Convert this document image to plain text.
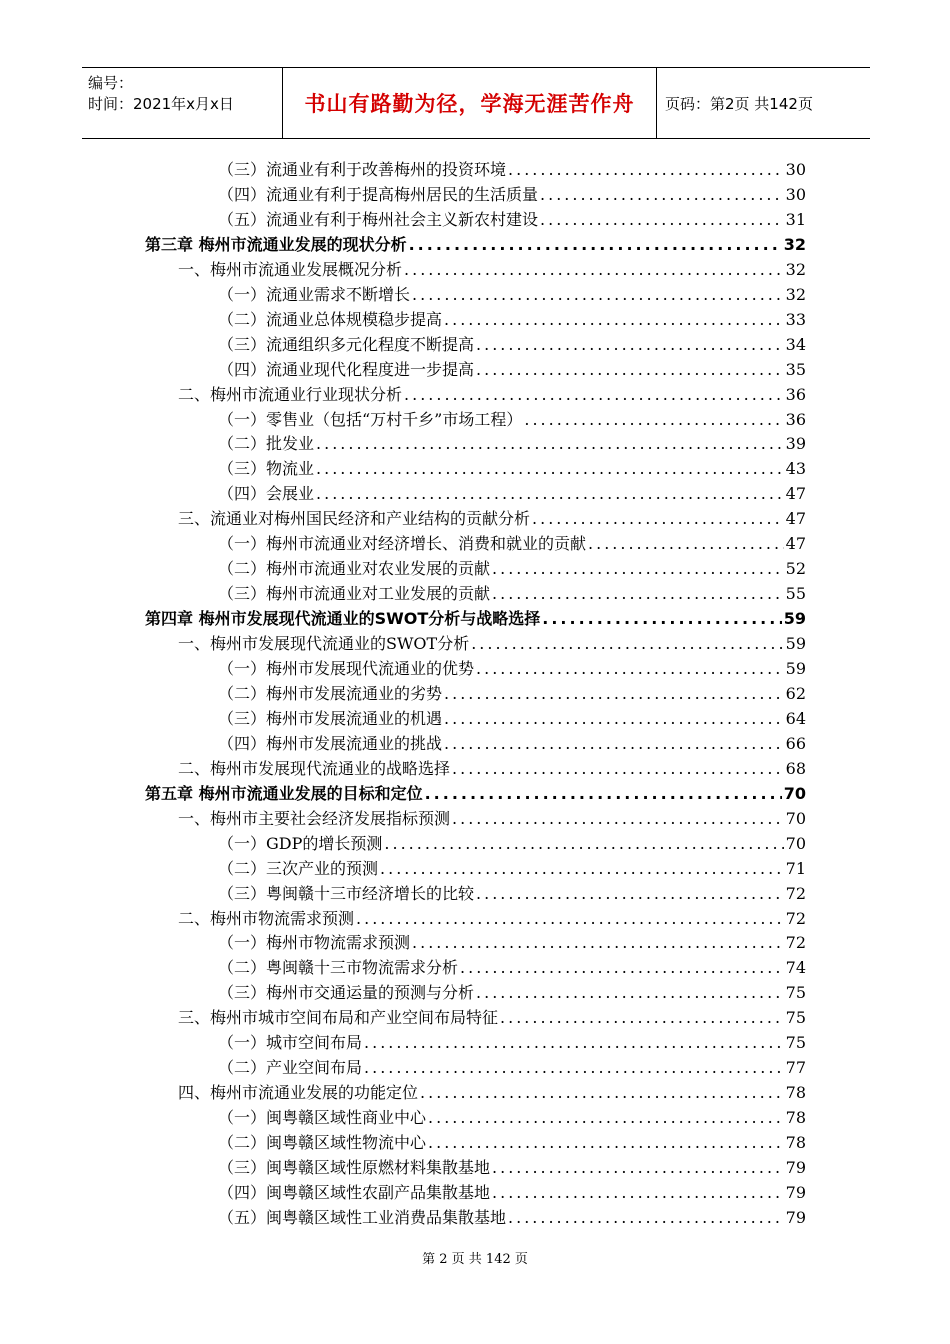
编号：
时间：2021年x月x日	书山有路勤为径，学海无涯苦作舟	页码：第2页 共142页
（三）流通业有利于改善梅州的投资环境 .....	30
（四）流通业有利于提高梅州居民的生活质量 .....	30
（五）流通业有利于梅州社会主义新农村建设 .....	31
第三章 梅州市流通业发展的现状分析 .....	32
一、梅州市流通业发展概况分析 .....	32
（一）流通业需求不断增长 .....	32
（二）流通业总体规模稳步提高 .....	33
（三）流通组织多元化程度不断提高 .....	34
（四）流通业现代化程度进一步提高 .....	35
二、梅州市流通业行业现状分析 .....	36
（一）零售业（包括“万村千乡”市场工程） .....	36
（二）批发业 .....	39
（三）物流业 .....	43
（四）会展业 .....	47
三、流通业对梅州国民经济和产业结构的贡献分析 .....	47
（一）梅州市流通业对经济增长、消费和就业的贡献 .....	47
（二）梅州市流通业对农业发展的贡献 .....	52
（三）梅州市流通业对工业发展的贡献 .....	55
第四章 梅州市发展现代流通业的SWOT分析与战略选择 .....	59
一、梅州市发展现代流通业的SWOT分析 .....	59
（一）梅州市发展现代流通业的优势 .....	59
（二）梅州市发展流通业的劣势 .....	62
（三）梅州市发展流通业的机遇 .....	64
（四）梅州市发展流通业的挑战 .....	66
二、梅州市发展现代流通业的战略选择 .....	68
第五章 梅州市流通业发展的目标和定位 .....	70
一、梅州市主要社会经济发展指标预测 .....	70
（一）GDP的增长预测 .....	70
（二）三次产业的预测 .....	71
（三）粤闽赣十三市经济增长的比较 .....	72
二、梅州市物流需求预测 .....	72
（一）梅州市物流需求预测 .....	72
（二）粤闽赣十三市物流需求分析 .....	74
（三）梅州市交通运量的预测与分析 .....	75
三、梅州市城市空间布局和产业空间布局特征 .....	75
（一）城市空间布局 .....	75
（二）产业空间布局 .....	77
四、梅州市流通业发展的功能定位 .....	78
（一）闽粤赣区域性商业中心 .....	78
（二）闽粤赣区域性物流中心 .....	78
（三）闽粤赣区域性原燃材料集散基地 .....	79
（四）闽粤赣区域性农副产品集散基地 .....	79
（五）闽粤赣区域性工业消费品集散基地 .....	79
第 2 页 共 142 页
